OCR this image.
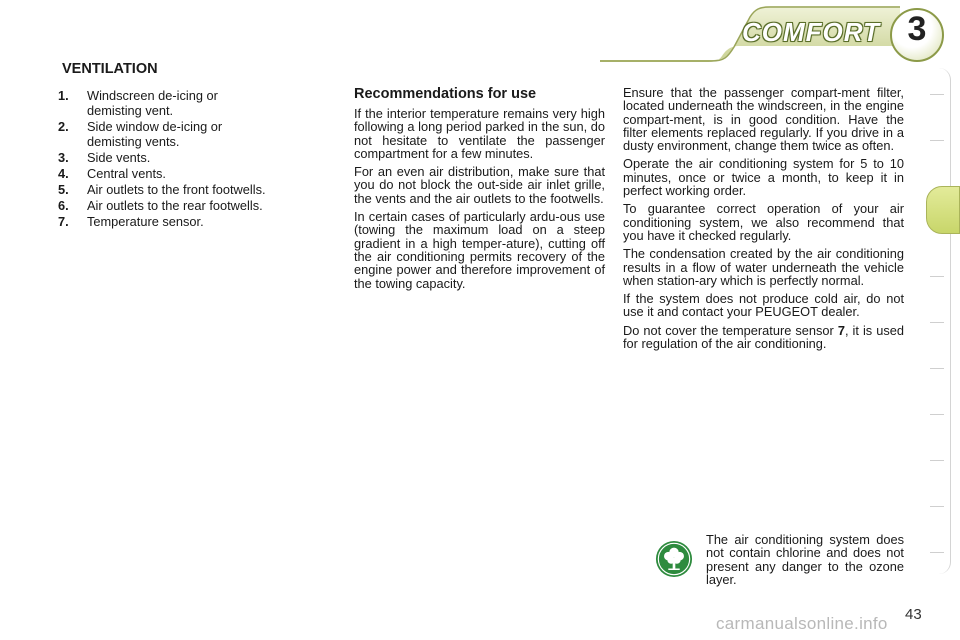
COMFORT 3
VENTILATION
1.	Windscreen de-icing or demisting vent.
2.	Side window de-icing or demisting vents.
3.	Side vents.
4.	Central vents.
5.	Air outlets to the front footwells.
6.	Air outlets to the rear footwells.
7.	Temperature sensor.
Recommendations for use

If the interior temperature remains very high following a long period parked in the sun, do not hesitate to ventilate the passenger compartment for a few minutes.

For an even air distribution, make sure that you do not block the out-side air inlet grille, the vents and the air outlets to the footwells.

In certain cases of particularly ardu-ous use (towing the maximum load on a steep gradient in a high temper-ature), cutting off the air conditioning permits recovery of the engine power and therefore improvement of the towing capacity.

Ensure that the passenger compart-ment filter, located underneath the windscreen, in the engine compart-ment, is in good condition. Have the filter elements replaced regularly. If you drive in a dusty environment, change them twice as often.

Operate the air conditioning system for 5 to 10 minutes, once or twice a month, to keep it in perfect working order.

To guarantee correct operation of your air conditioning system, we also recommend that you have it checked regularly.

The condensation created by the air conditioning results in a flow of water underneath the vehicle when station-ary which is perfectly normal.

If the system does not produce cold air, do not use it and contact your PEUGEOT dealer.

Do not cover the temperature sensor 7, it is used for regulation of the air conditioning.

The air conditioning system does not contain chlorine and does not present any danger to the ozone layer.

carmanualsonline.info 43
